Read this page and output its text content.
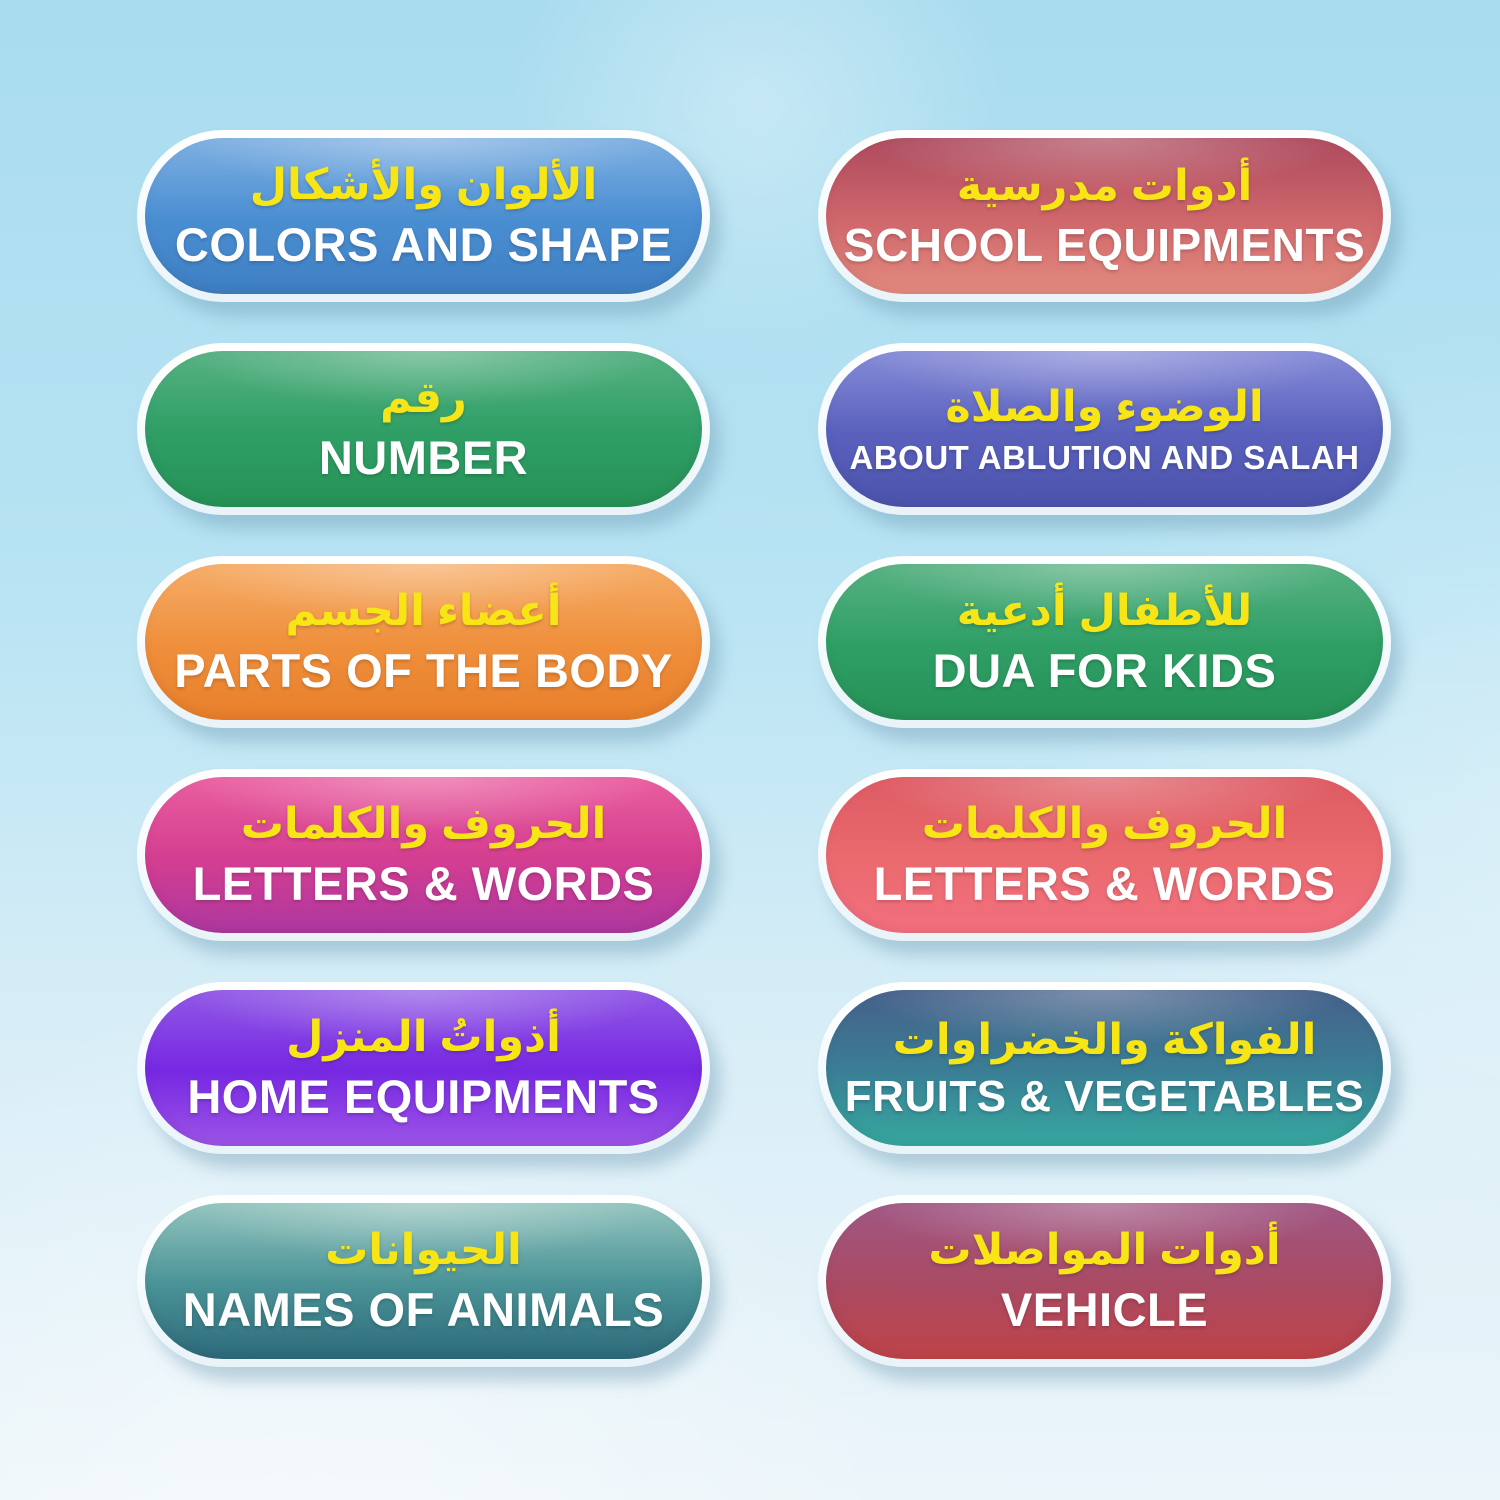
الألوان والأشكال
COLORS AND SHAPE
أدوات مدرسية
SCHOOL EQUIPMENTS
رقم
NUMBER
الوضوء والصلاة
ABOUT ABLUTION AND SALAH
أعضاء الجسم
PARTS OF THE BODY
للأطفال أدعية
DUA FOR KIDS
الحروف والكلمات
LETTERS & WORDS
الحروف والكلمات
LETTERS & WORDS
أذواتُ المنزل
HOME EQUIPMENTS
الفواكة والخضراوات
FRUITS & VEGETABLES
الحيوانات
NAMES OF ANIMALS
أدوات المواصلات
VEHICLE
